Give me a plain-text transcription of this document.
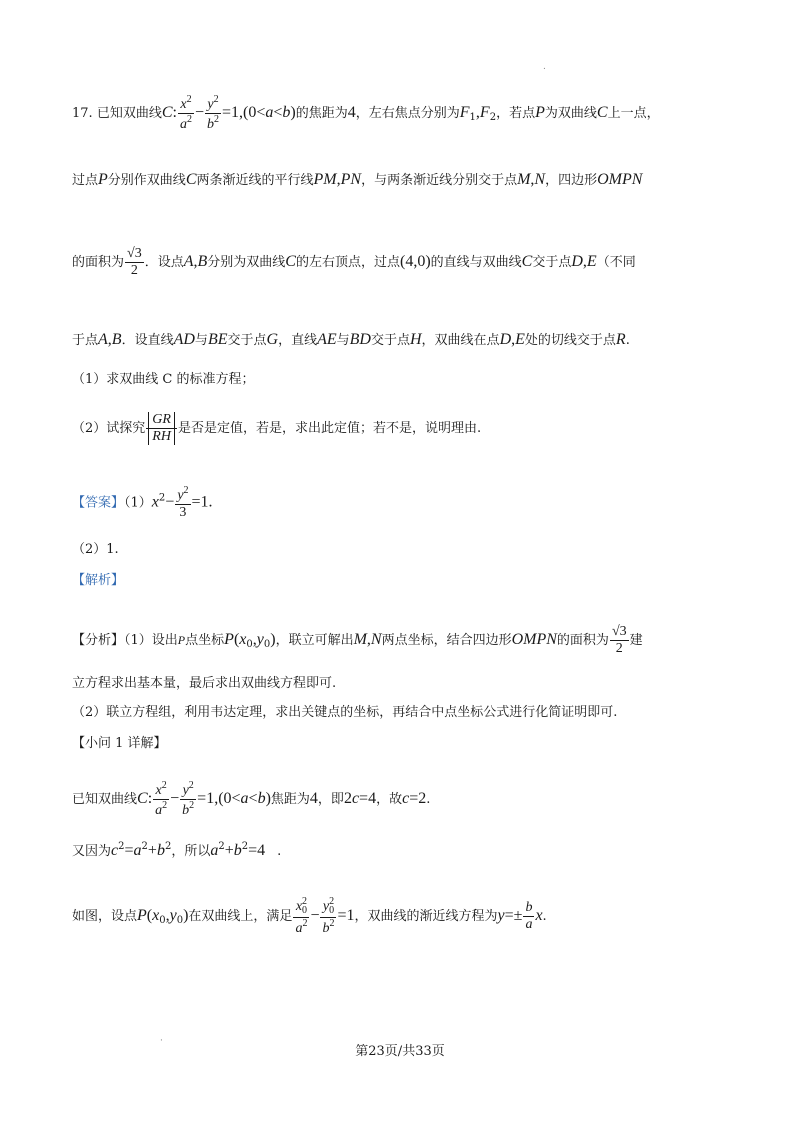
.
17. 已知双曲线C: $\frac{x^2}{a^2} - \frac{y^2}{b^2} =1,(0<a<b)$的焦距为4，左右焦点分别为$F_1,F_2$，若点P为双曲线C上一点，
过点P分别作双曲线C两条渐近线的平行线PM,PN，与两条渐近线分别交于点M,N，四边形OMPN
的面积为 $\frac{√3}{2}$ ．设点A,B分别为双曲线C的左右顶点，过点(4,0)的直线与双曲线C交于点D,E（不同
于点A,B．设直线AD与BE交于点G，直线AE与BD交于点H，双曲线在点D,E处的切线交于点R.
（1）求双曲线 C 的标准方程；
（2）试探究 $\frac{GR}{RH}$ 是否是定值，若是，求出此定值；若不是，说明理由.
【答案】$(1)x^2- \frac{y^2}{3} =1$.
（2）1.
【解析】
【分析】（1）设出P点坐标$P(x_0,y_0)$，联立可解出M,N两点坐标，结合四边形OMPN的面积为 $\frac{√3}{2}$ 建
立方程求出基本量，最后求出双曲线方程即可.
（2）联立方程组，利用韦达定理，求出关键点的坐标，再结合中点坐标公式进行化简证明即可.
【小问 1 详解】
已知双曲线C: $\frac{x^2}{a^2} - \frac{y^2}{b^2} =1,(0<a<b)$焦距为4，即2c=4，故c=2.
又因为$c^2=a^2+b^2$，所以$a^2+b^2=4$ .
如图，设点$P(x_0,y_0)$在双曲线上，满足 $\frac{x_0^2}{a^2} - \frac{y_0^2}{b^2} =1$，双曲线的渐近线方程为$y=\pm \frac{b}{a} x$.
·
第23页/共33页
